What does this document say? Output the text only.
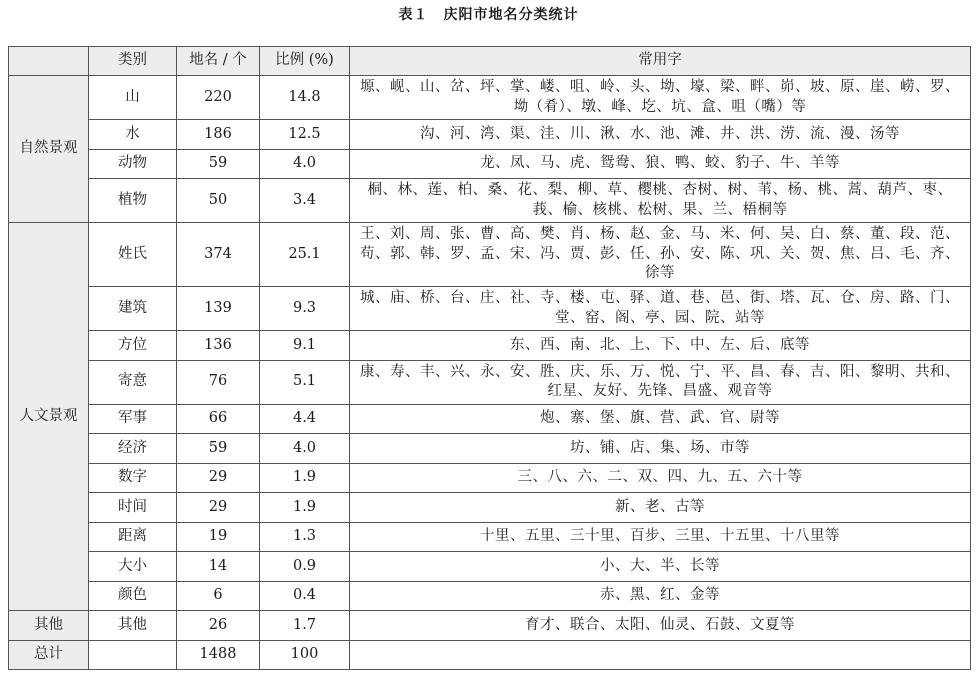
表１　庆阳市地名分类统计
	类别	地名 / 个	比例 (%)	常用字
自然景观	山	220	14.8	塬、岘、山、岔、坪、掌、嵝、咀、岭、头、坳、壕、梁、畔、峁、坡、原、崖、崂、罗、坳（肴）、墩、峰、圪、坑、盒、咀（嘴）等
	水	186	12.5	沟、河、湾、渠、洼、川、湫、水、池、滩、井、洪、涝、流、漫、汤等
	动物	59	4.0	龙、凤、马、虎、鸳鸯、狼、鸭、蛟、豹子、牛、羊等
	植物	50	3.4	桐、林、莲、柏、桑、花、梨、柳、草、樱桃、杏树、树、苇、杨、桃、蒿、葫芦、枣、莪、榆、核桃、松树、果、兰、梧桐等
人文景观	姓氏	374	25.1	王、刘、周、张、曹、高、樊、肖、杨、赵、金、马、米、何、吴、白、蔡、董、段、范、苟、郭、韩、罗、孟、宋、冯、贾、彭、任、孙、安、陈、巩、关、贺、焦、吕、毛、齐、徐等
	建筑	139	9.3	城、庙、桥、台、庄、社、寺、楼、屯、驿、道、巷、邑、街、塔、瓦、仓、房、路、门、堂、窑、阁、亭、园、院、站等
	方位	136	9.1	东、西、南、北、上、下、中、左、后、底等
	寄意	76	5.1	康、寿、丰、兴、永、安、胜、庆、乐、万、悦、宁、平、昌、春、吉、阳、黎明、共和、红星、友好、先锋、昌盛、观音等
	军事	66	4.4	炮、寨、堡、旗、营、武、官、尉等
	经济	59	4.0	坊、铺、店、集、场、市等
	数字	29	1.9	三、八、六、二、双、四、九、五、六十等
	时间	29	1.9	新、老、古等
	距离	19	1.3	十里、五里、三十里、百步、三里、十五里、十八里等
	大小	14	0.9	小、大、半、长等
	颜色	6	0.4	赤、黑、红、金等
其他	其他	26	1.7	育才、联合、太阳、仙灵、石鼓、文夏等
总计		1488	100	
